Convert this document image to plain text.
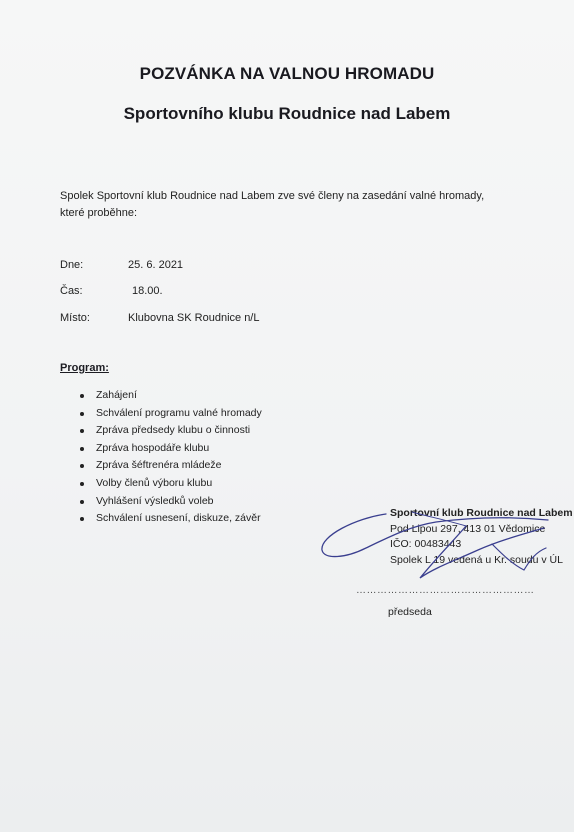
POZVÁNKA NA VALNOU HROMADU
Sportovního klubu Roudnice nad Labem
Spolek Sportovní klub Roudnice nad Labem zve své členy na zasedání valné hromady, které proběhne:
Dne:	25. 6. 2021
Čas:	18.00.
Místo:	Klubovna SK Roudnice n/L
Program:
Zahájení
Schválení programu valné hromady
Zpráva předsedy klubu o činnosti
Zpráva hospodáře klubu
Zpráva šéftrenéra mládeže
Volby členů výboru klubu
Vyhlášení výsledků voleb
Schválení usnesení, diskuze, závěr	Sportovní klub Roudnice nad Labem
Pod Lipou 297, 413 01 Vědomice
IČO: 00483443
Spolek L 19 vedená u Kr. soudu v ÚL
……………………………………………
předseda
